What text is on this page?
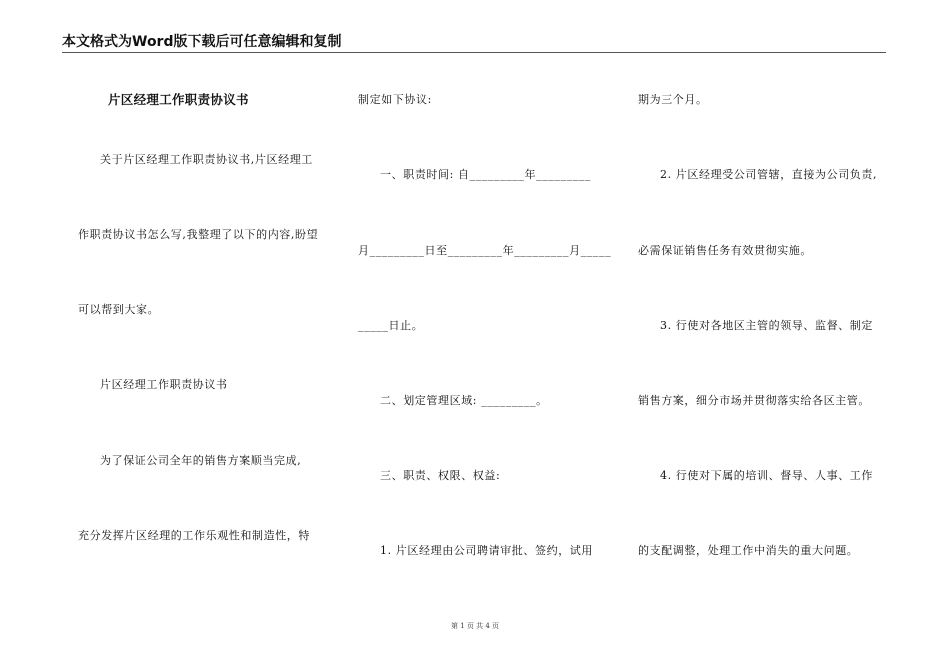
本文格式为Word版下载后可任意编辑和复制
片区经理工作职责协议书
关于片区经理工作职责协议书,片区经理工
作职责协议书怎么写,我整理了以下的内容,盼望
可以帮到大家。
片区经理工作职责协议书
为了保证公司全年的销售方案顺当完成,
充分发挥片区经理的工作乐观性和制造性，特
制定如下协议:
一、职责时间: 自_________年_________
月_________日至_________年_________月_____
_____日止。
二、划定管理区域: _________。
三、职责、权限、权益:
1. 片区经理由公司聘请审批、签约，试用
期为三个月。
2. 片区经理受公司管辖，直接为公司负责,
必需保证销售任务有效贯彻实施。
3. 行使对各地区主管的领导、监督、制定
销售方案，细分市场并贯彻落实给各区主管。
4. 行使对下属的培训、督导、人事、工作
的支配调整，处理工作中消失的重大问题。
第 1 页 共 4 页
